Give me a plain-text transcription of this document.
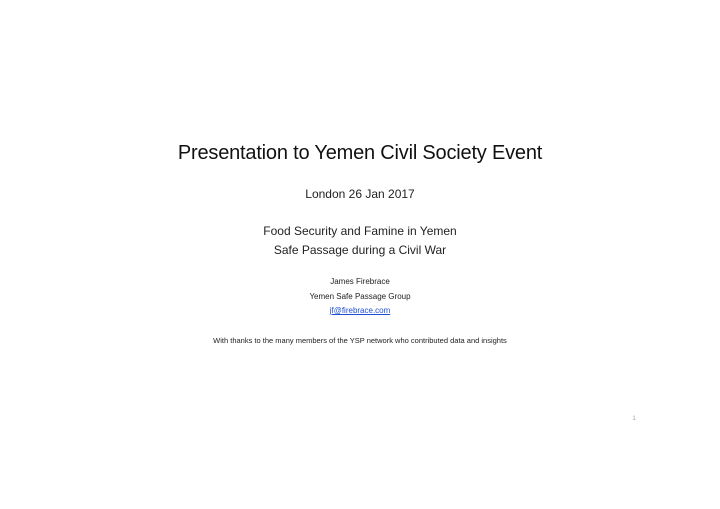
Presentation to Yemen Civil Society Event
London 26 Jan 2017
Food Security and Famine in Yemen
Safe Passage during a Civil War
James Firebrace
Yemen Safe Passage Group
jf@firebrace.com
With thanks to the many members of the YSP network who contributed data and insights
1
